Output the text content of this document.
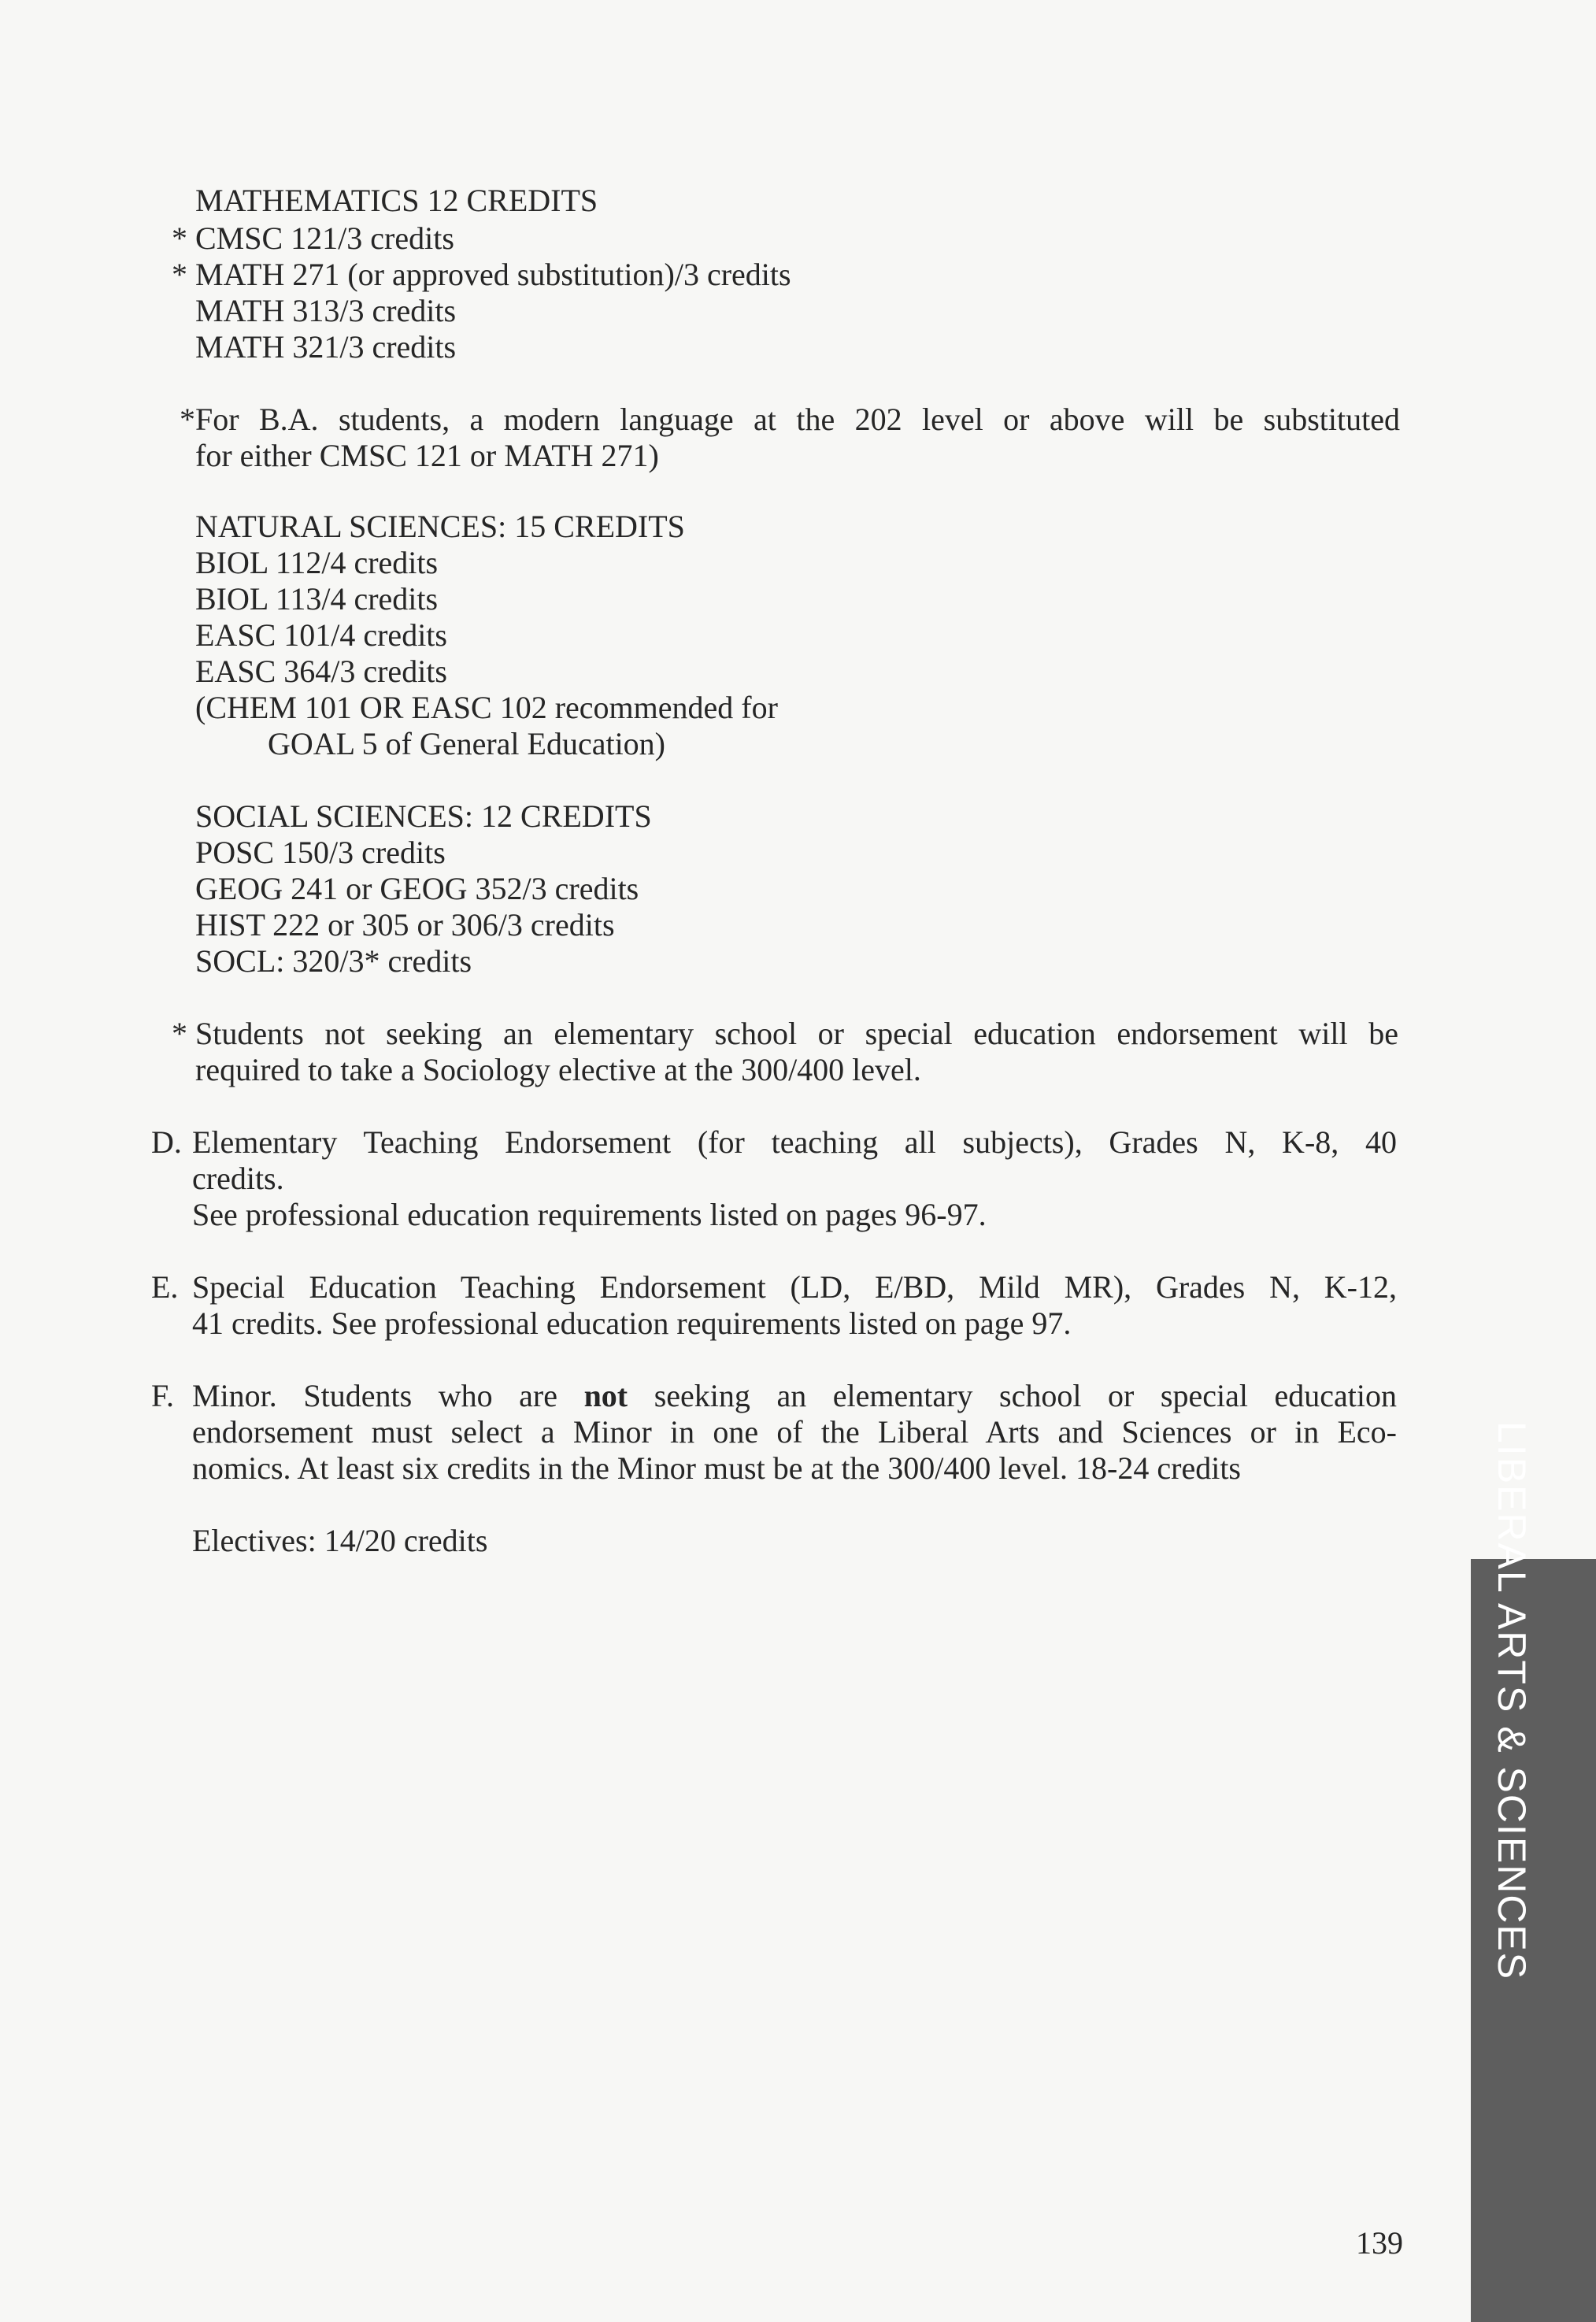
MATHEMATICS 12 CREDITS
* CMSC 121/3 credits
* MATH 271 (or approved substitution)/3 credits
MATH 313/3 credits
MATH 321/3 credits
*For B.A. students, a modern language at the 202 level or above will be substituted
for either CMSC 121 or MATH 271)
NATURAL SCIENCES: 15 CREDITS
BIOL 112/4 credits
BIOL 113/4 credits
EASC 101/4 credits
EASC 364/3 credits
(CHEM 101 OR EASC 102 recommended for
GOAL 5 of General Education)
SOCIAL SCIENCES: 12 CREDITS
POSC 150/3 credits
GEOG 241 or GEOG 352/3 credits
HIST 222 or 305 or 306/3 credits
SOCL: 320/3* credits
* Students not seeking an elementary school or special education endorsement will be
required to take a Sociology elective at the 300/400 level.
D. Elementary Teaching Endorsement (for teaching all subjects), Grades N, K-8, 40
credits.
See professional education requirements listed on pages 96-97.
E. Special Education Teaching Endorsement (LD, E/BD, Mild MR), Grades N, K-12,
41 credits. See professional education requirements listed on page 97.
F. Minor. Students who are not seeking an elementary school or special education
endorsement must select a Minor in one of the Liberal Arts and Sciences or in Eco-
nomics. At least six credits in the Minor must be at the 300/400 level. 18-24 credits
Electives: 14/20 credits	LIBERAL ARTS & SCIENCES
139
